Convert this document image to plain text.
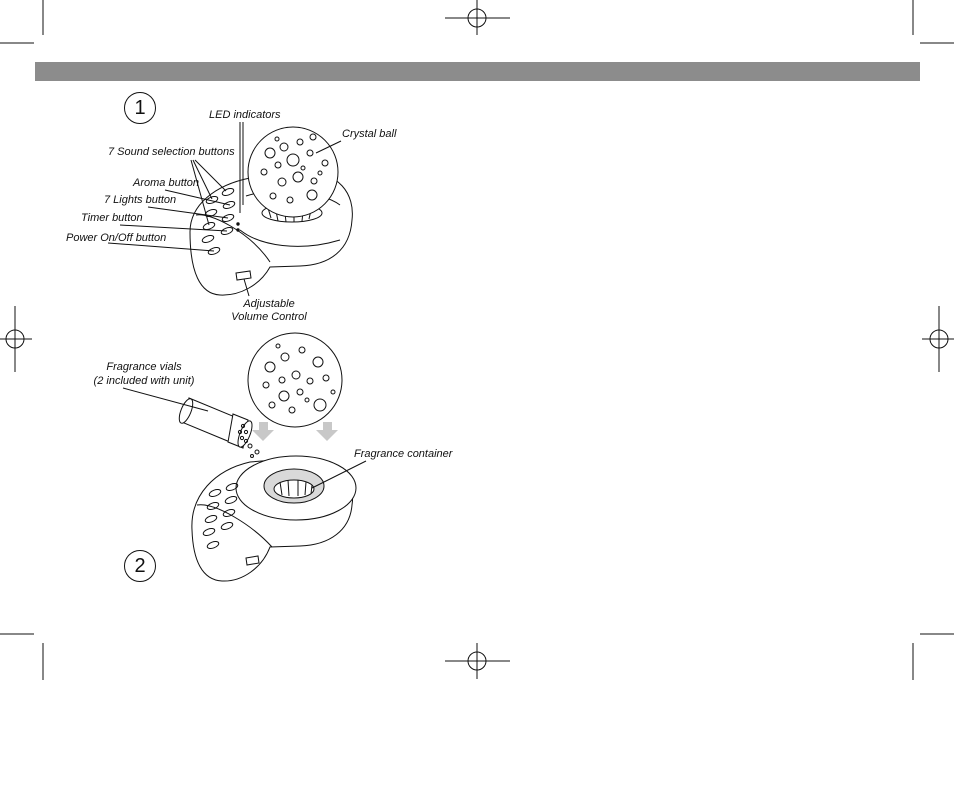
1
2
LED indicators
Crystal ball
7 Sound selection buttons
Aroma button
7 Lights button
Timer button
Power On/Off button
Adjustable
Volume Control
Fragrance vials
(2 included with unit)
Fragrance container
